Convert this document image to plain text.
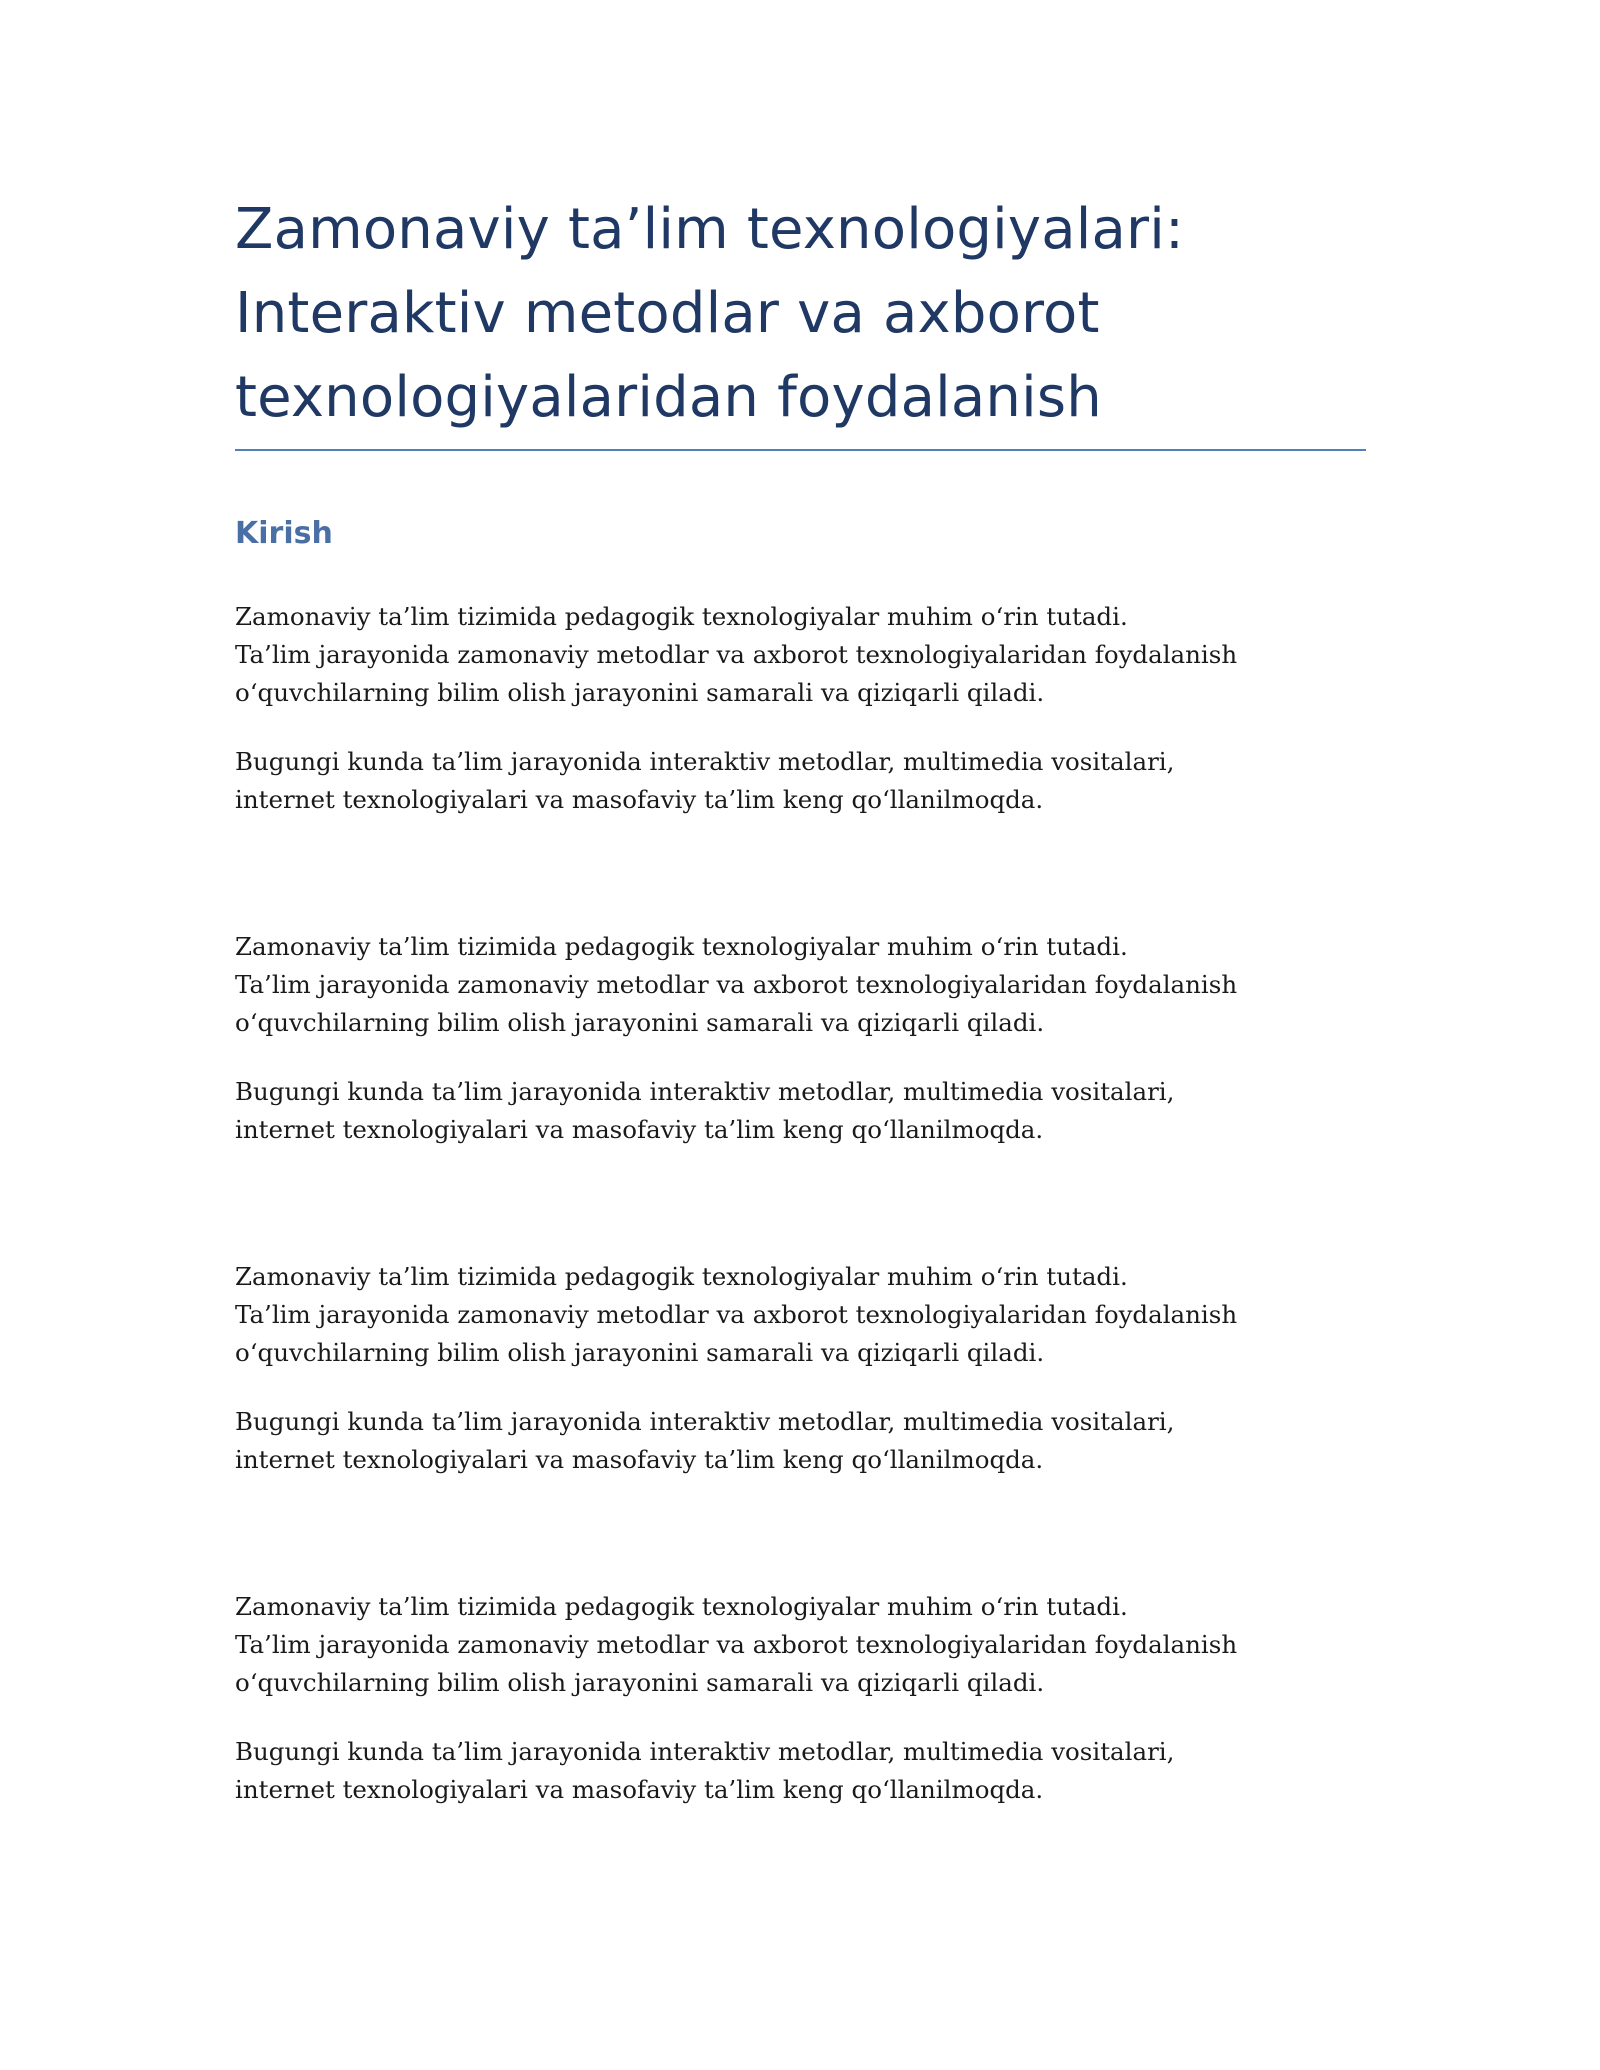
Zamonaviy ta’lim texnologiyalari:
Interaktiv metodlar va axborot
texnologiyalaridan foydalanish
Kirish

Zamonaviy ta’lim tizimida pedagogik texnologiyalar muhim o‘rin tutadi.
Ta’lim jarayonida zamonaviy metodlar va axborot texnologiyalaridan foydalanish
o‘quvchilarning bilim olish jarayonini samarali va qiziqarli qiladi.

Bugungi kunda ta’lim jarayonida interaktiv metodlar, multimedia vositalari,
internet texnologiyalari va masofaviy ta’lim keng qo‘llanilmoqda.

Zamonaviy ta’lim tizimida pedagogik texnologiyalar muhim o‘rin tutadi.
Ta’lim jarayonida zamonaviy metodlar va axborot texnologiyalaridan foydalanish
o‘quvchilarning bilim olish jarayonini samarali va qiziqarli qiladi.

Bugungi kunda ta’lim jarayonida interaktiv metodlar, multimedia vositalari,
internet texnologiyalari va masofaviy ta’lim keng qo‘llanilmoqda.

Zamonaviy ta’lim tizimida pedagogik texnologiyalar muhim o‘rin tutadi.
Ta’lim jarayonida zamonaviy metodlar va axborot texnologiyalaridan foydalanish
o‘quvchilarning bilim olish jarayonini samarali va qiziqarli qiladi.

Bugungi kunda ta’lim jarayonida interaktiv metodlar, multimedia vositalari,
internet texnologiyalari va masofaviy ta’lim keng qo‘llanilmoqda.

Zamonaviy ta’lim tizimida pedagogik texnologiyalar muhim o‘rin tutadi.
Ta’lim jarayonida zamonaviy metodlar va axborot texnologiyalaridan foydalanish
o‘quvchilarning bilim olish jarayonini samarali va qiziqarli qiladi.

Bugungi kunda ta’lim jarayonida interaktiv metodlar, multimedia vositalari,
internet texnologiyalari va masofaviy ta’lim keng qo‘llanilmoqda.
